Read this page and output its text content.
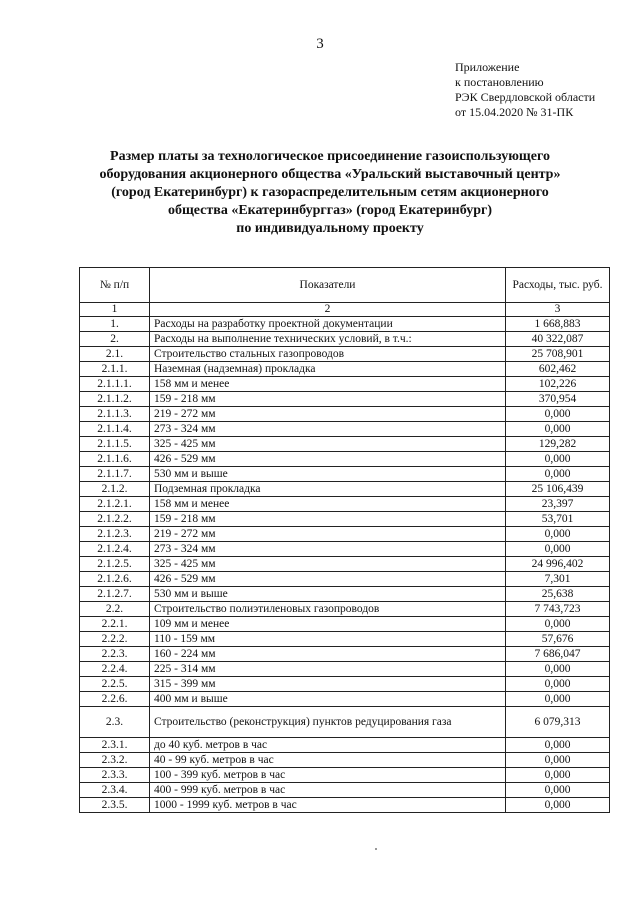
3
Приложение
к постановлению
РЭК Свердловской области
от 15.04.2020 № 31-ПК
Размер платы за технологическое присоединение газоиспользующего
оборудования акционерного общества «Уральский выставочный центр»
(город Екатеринбург) к газораспределительным сетям акционерного
общества «Екатеринбурггаз» (город Екатеринбург)
по индивидуальному проекту
№ п/п	Показатели	Расходы, тыс. руб.
1	2	3
1.	Расходы на разработку проектной документации	1 668,883
2.	Расходы на выполнение технических условий, в т.ч.:	40 322,087
2.1.	Строительство стальных газопроводов	25 708,901
2.1.1.	Наземная (надземная) прокладка	602,462
2.1.1.1.	158 мм и менее	102,226
2.1.1.2.	159 - 218 мм	370,954
2.1.1.3.	219 - 272 мм	0,000
2.1.1.4.	273 - 324 мм	0,000
2.1.1.5.	325 - 425 мм	129,282
2.1.1.6.	426 - 529 мм	0,000
2.1.1.7.	530 мм и выше	0,000
2.1.2.	Подземная прокладка	25 106,439
2.1.2.1.	158 мм и менее	23,397
2.1.2.2.	159 - 218 мм	53,701
2.1.2.3.	219 - 272 мм	0,000
2.1.2.4.	273 - 324 мм	0,000
2.1.2.5.	325 - 425 мм	24 996,402
2.1.2.6.	426 - 529 мм	7,301
2.1.2.7.	530 мм и выше	25,638
2.2.	Строительство полиэтиленовых газопроводов	7 743,723
2.2.1.	109 мм и менее	0,000
2.2.2.	110 - 159 мм	57,676
2.2.3.	160 - 224 мм	7 686,047
2.2.4.	225 - 314 мм	0,000
2.2.5.	315 - 399 мм	0,000
2.2.6.	400 мм и выше	0,000
2.3.	Строительство (реконструкция) пунктов редуцирования газа	6 079,313
2.3.1.	до 40 куб. метров в час	0,000
2.3.2.	40 - 99 куб. метров в час	0,000
2.3.3.	100 - 399 куб. метров в час	0,000
2.3.4.	400 - 999 куб. метров в час	0,000
2.3.5.	1000 - 1999 куб. метров в час	0,000
